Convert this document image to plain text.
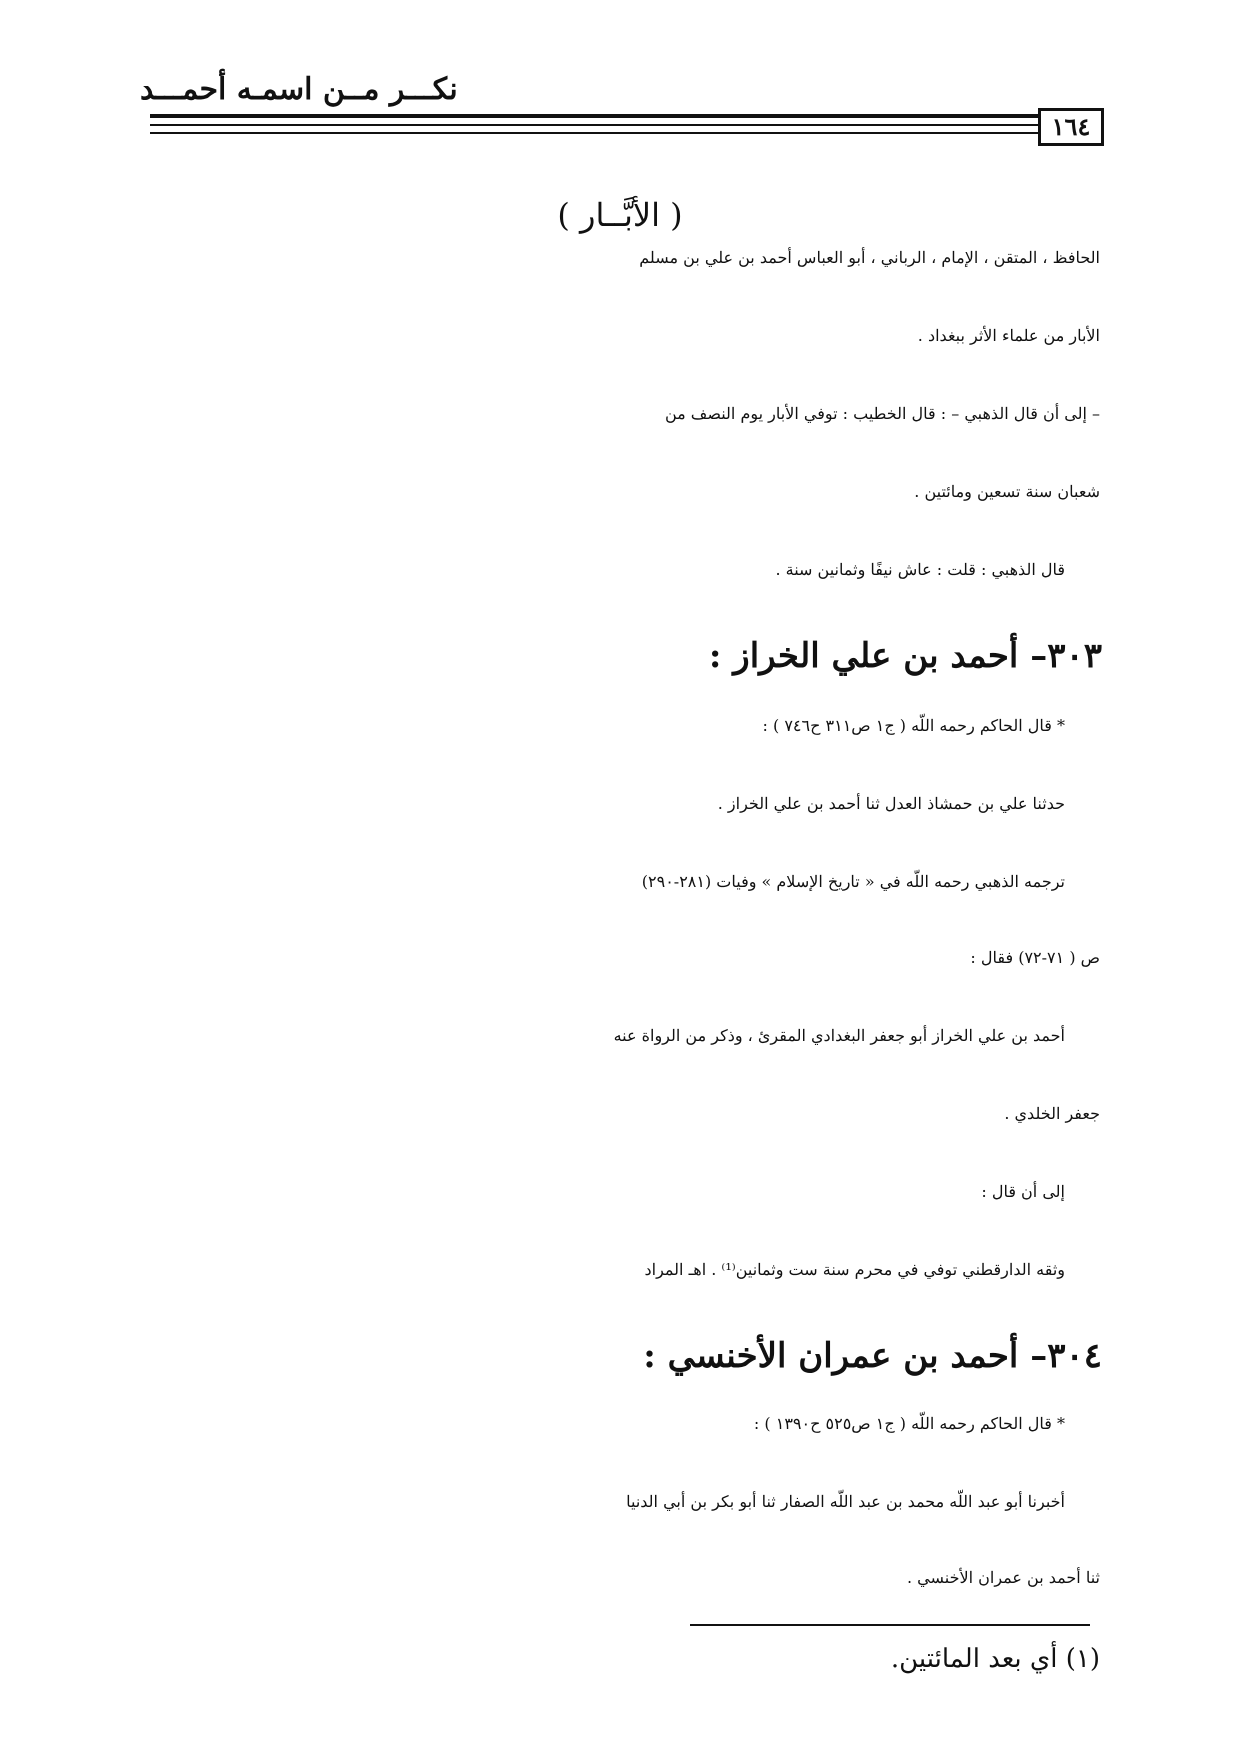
نكـــر مــن اسمـه أحمـــد
١٦٤
( الأبَّــار )
الحافظ ، المتقن ، الإمام ، الرباني ، أبو العباس أحمد بن علي بن مسلم
الأبار من علماء الأثر ببغداد .
– إلى أن قال الذهبي – : قال الخطيب : توفي الأبار يوم النصف من
شعبان سنة تسعين ومائتين .
قال الذهبي : قلت : عاش نيفًا وثمانين سنة .
٣٠٣– أحمد بن علي الخراز :
* قال الحاكم رحمه اللّه ( ج١ ص٣١١ ح٧٤٦ ) :
حدثنا علي بن حمشاذ العدل ثنا أحمد بن علي الخراز .
ترجمه الذهبي رحمه اللّه في « تاريخ الإسلام » وفيات (٢٨١-٢٩٠)
ص ( ٧١-٧٢) فقال :
أحمد بن علي الخراز أبو جعفر البغدادي المقرئ ، وذكر من الرواة عنه
جعفر الخلدي .
إلى أن قال :
وثقه الدارقطني توفي في محرم سنة ست وثمانين⁽¹⁾ . اهـ المراد
٣٠٤– أحمد بن عمران الأخنسي :
* قال الحاكم رحمه اللّه ( ج١ ص٥٢٥ ح١٣٩٠ ) :
أخبرنا أبو عبد اللّه محمد بن عبد اللّه الصفار ثنا أبو بكر بن أبي الدنيا
ثنا أحمد بن عمران الأخنسي .
(١) أي بعد المائتين.
